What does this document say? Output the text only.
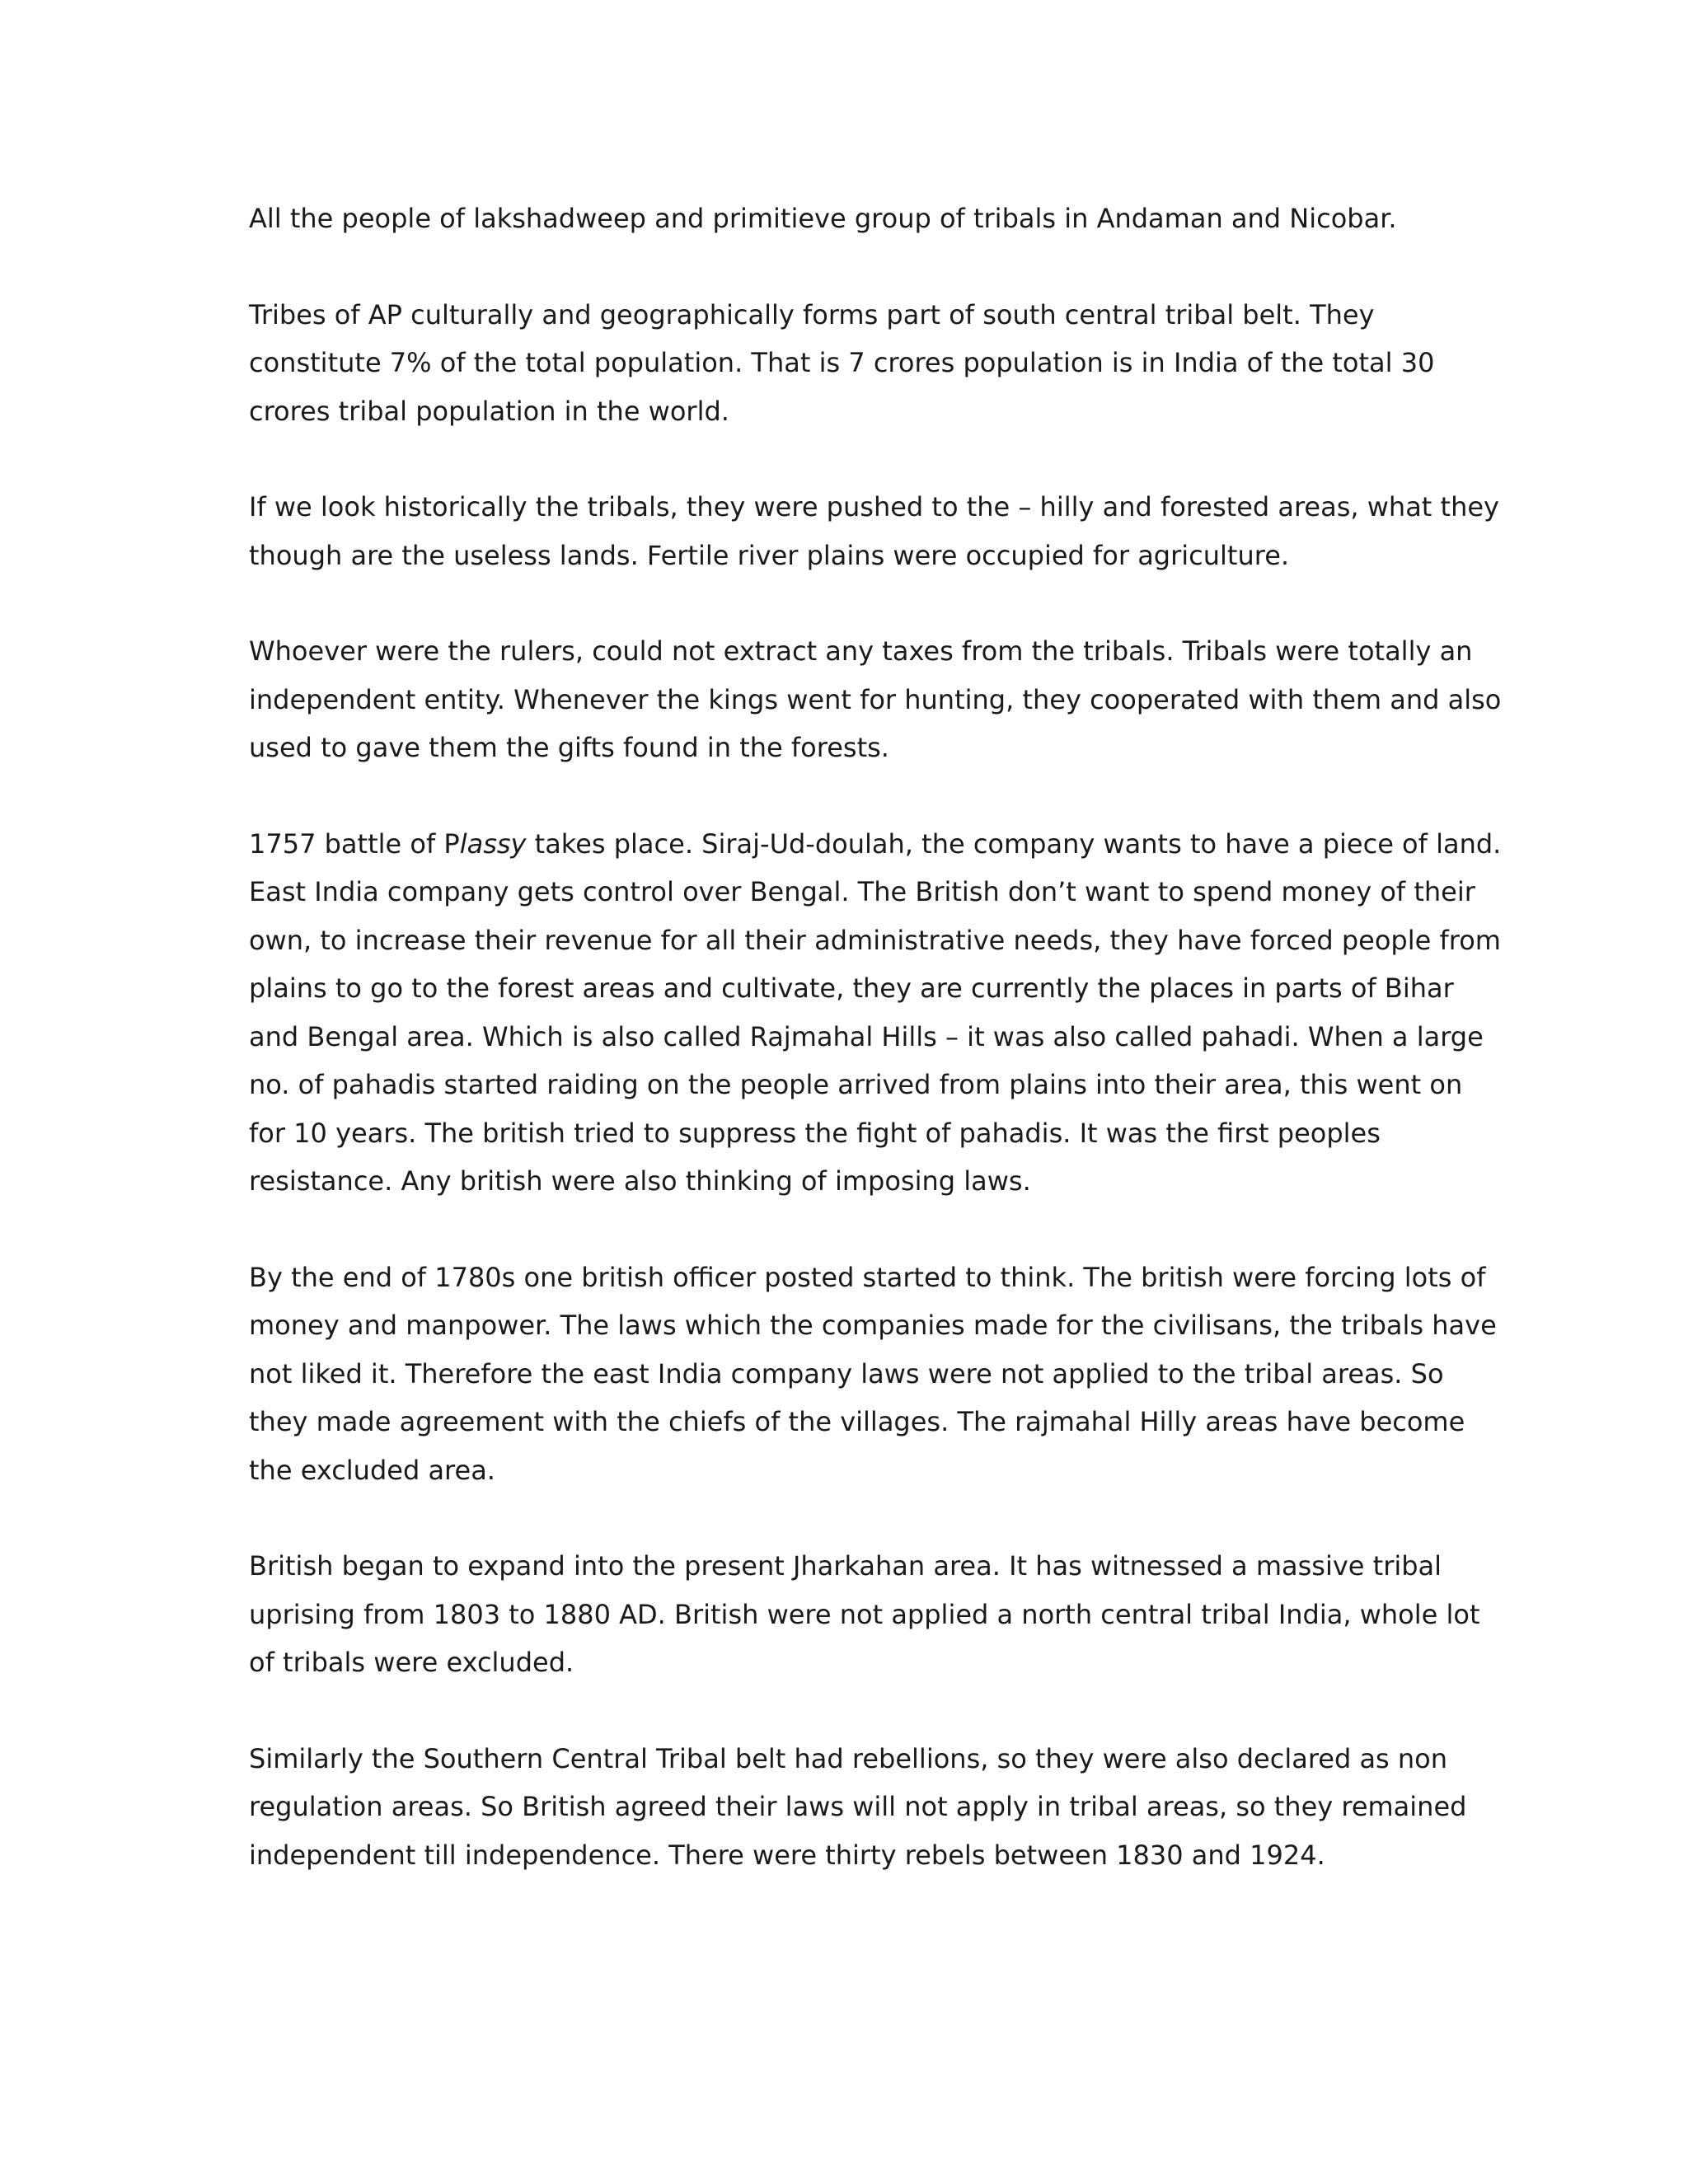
All the people of lakshadweep and primitieve group of tribals in Andaman and Nicobar.

Tribes of AP culturally and geographically forms part of south central tribal belt. They
constitute 7% of the total population. That is 7 crores population is in India of the total 30
crores tribal population in the world.

If we look historically the tribals, they were pushed to the – hilly and forested areas, what they
though are the useless lands. Fertile river plains were occupied for agriculture.

Whoever were the rulers, could not extract any taxes from the tribals. Tribals were totally an
independent entity. Whenever the kings went for hunting, they cooperated with them and also
used to gave them the gifts found in the forests.

1757 battle of Plassy takes place. Siraj-Ud-doulah, the company wants to have a piece of land.
East India company gets control over Bengal. The British don’t want to spend money of their
own, to increase their revenue for all their administrative needs, they have forced people from
plains to go to the forest areas and cultivate, they are currently the places in parts of Bihar
and Bengal area. Which is also called Rajmahal Hills – it was also called pahadi. When a large
no. of pahadis started raiding on the people arrived from plains into their area, this went on
for 10 years. The british tried to suppress the fight of pahadis. It was the first peoples
resistance. Any british were also thinking of imposing laws.

By the end of 1780s one british officer posted started to think. The british were forcing lots of
money and manpower. The laws which the companies made for the civilisans, the tribals have
not liked it. Therefore the east India company laws were not applied to the tribal areas. So
they made agreement with the chiefs of the villages. The rajmahal Hilly areas have become
the excluded area.

British began to expand into the present Jharkahan area. It has witnessed a massive tribal
uprising from 1803 to 1880 AD. British were not applied a north central tribal India, whole lot
of tribals were excluded.

Similarly the Southern Central Tribal belt had rebellions, so they were also declared as non
regulation areas. So British agreed their laws will not apply in tribal areas, so they remained
independent till independence. There were thirty rebels between 1830 and 1924.
